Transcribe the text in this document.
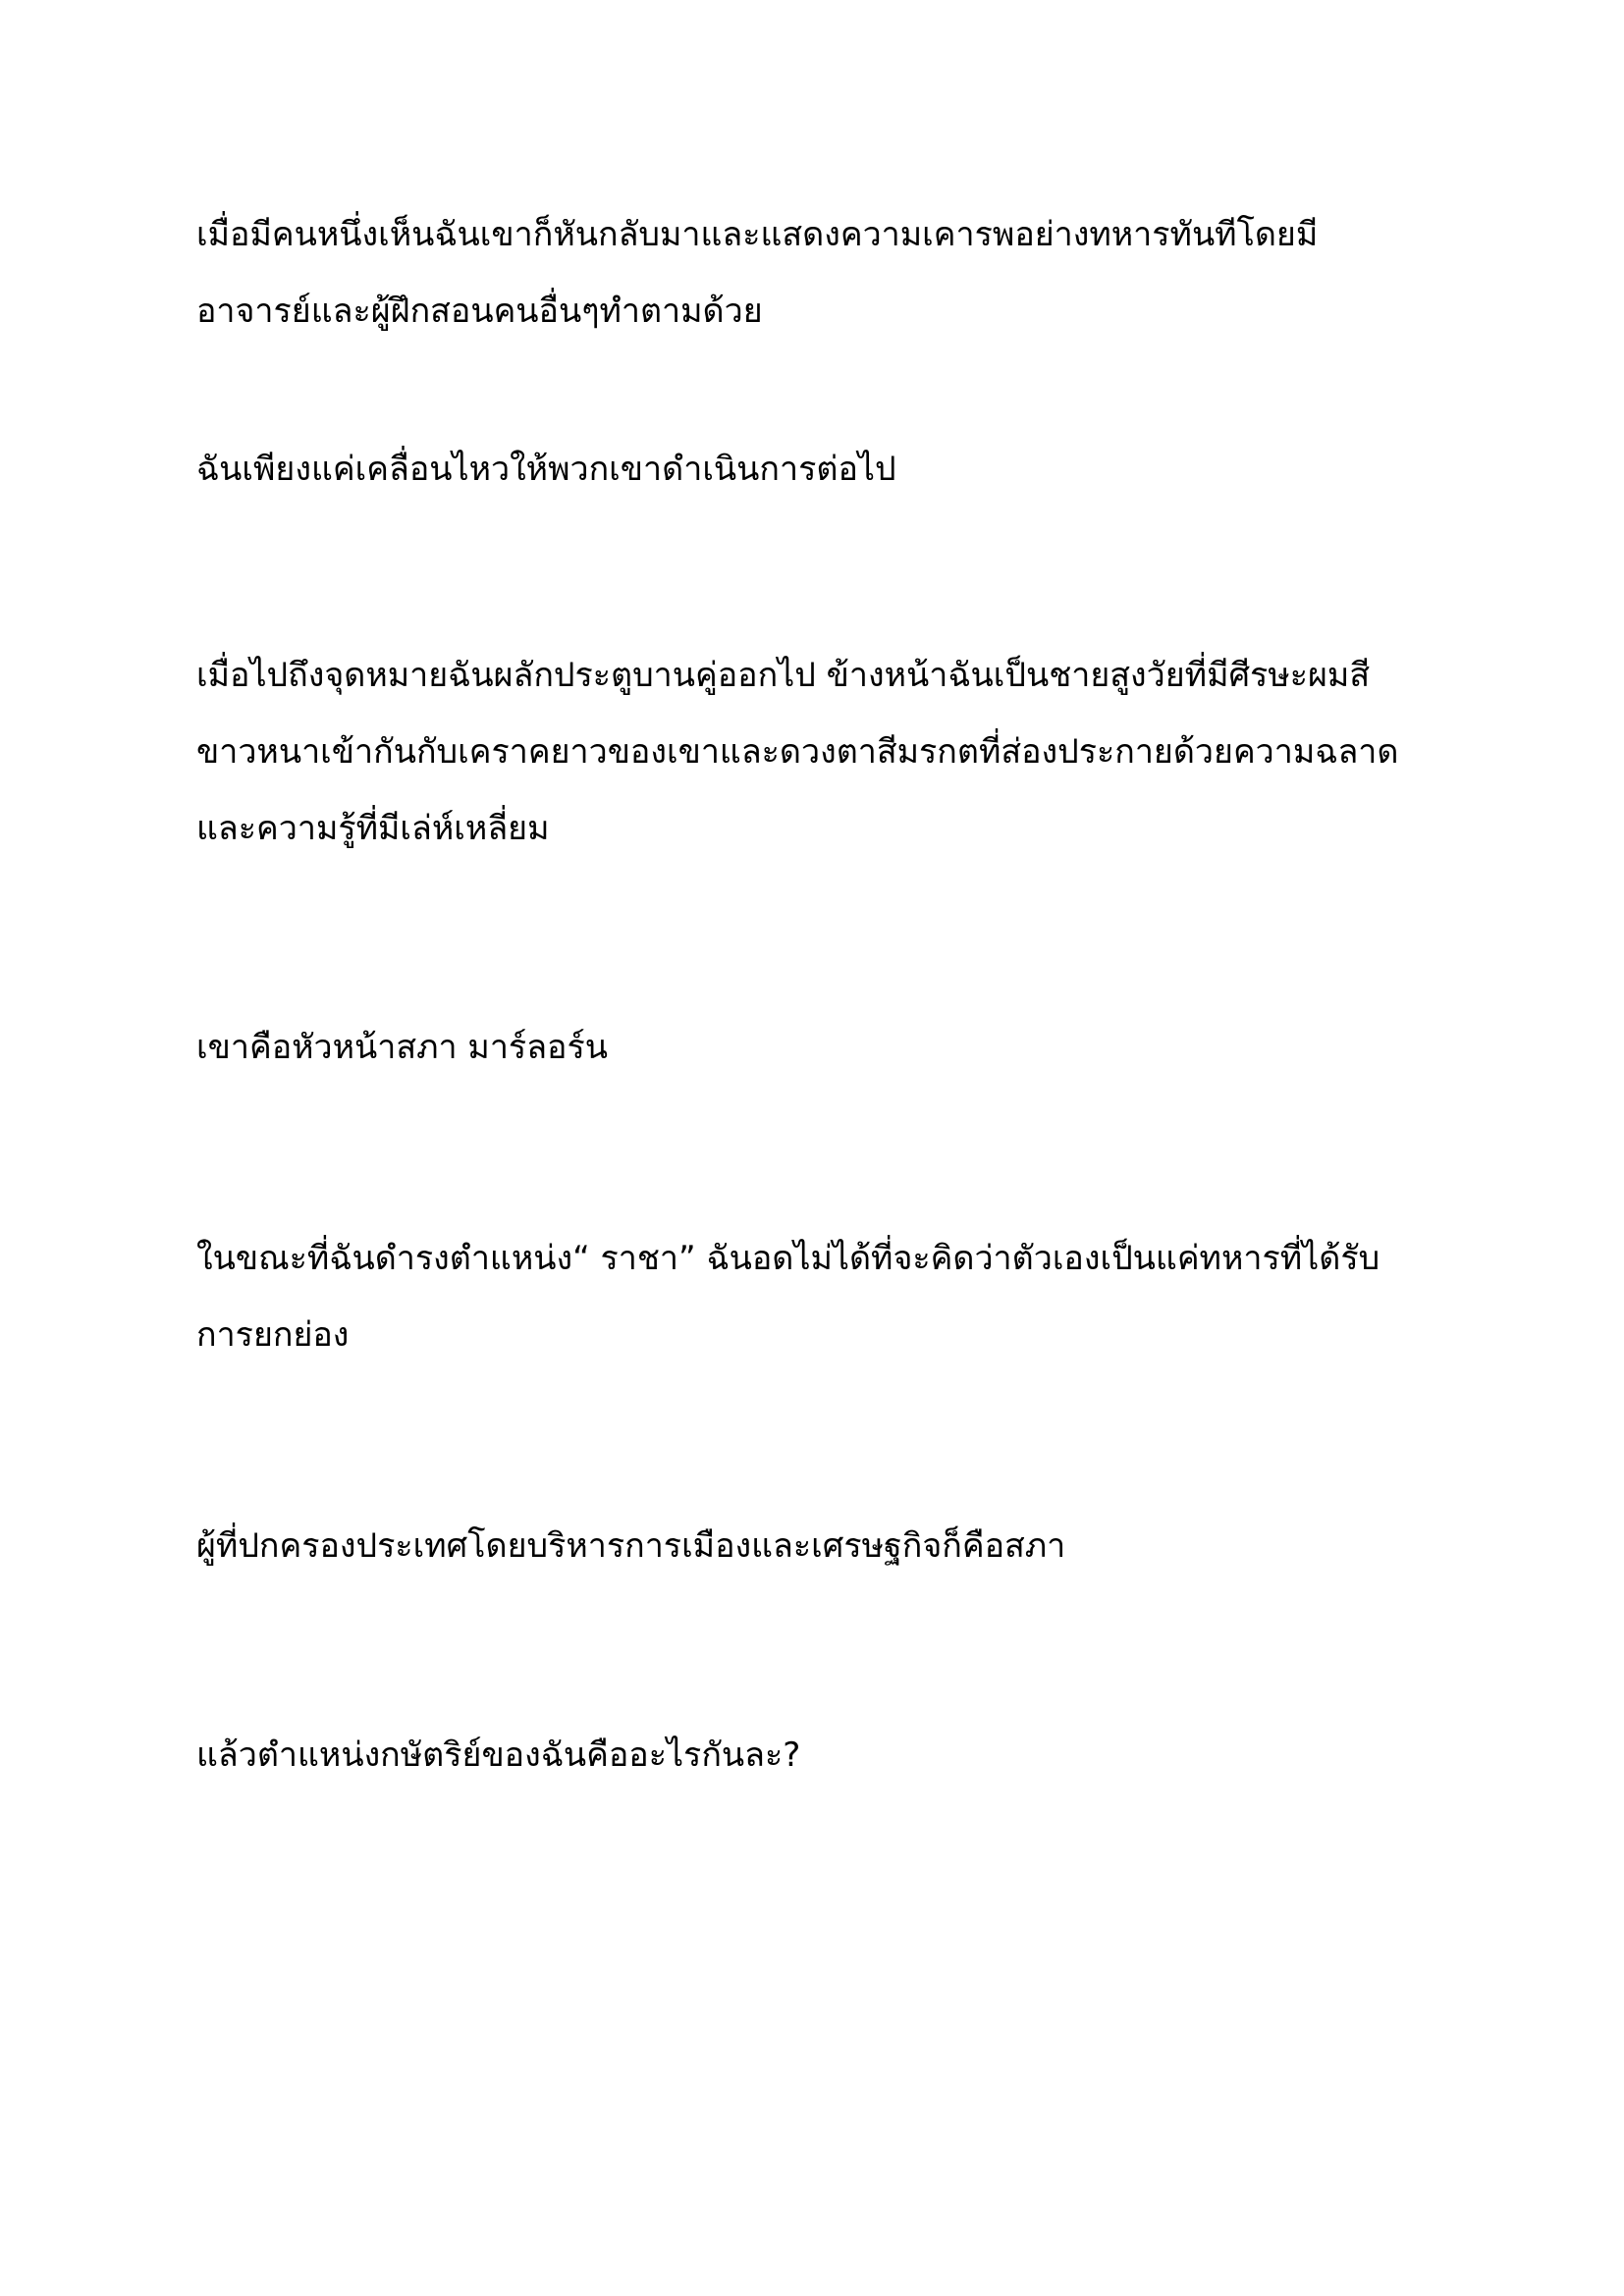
เมื่อมีคนหนึ่งเห็นฉันเขาก็หันกลับมาและแสดงความเคารพอย่างทหารทันทีโดยมี
อาจารย์และผู้ฝึกสอนคนอื่นๆทำตามด้วย

ฉันเพียงแค่เคลื่อนไหวให้พวกเขาดำเนินการต่อไป

เมื่อไปถึงจุดหมายฉันผลักประตูบานคู่ออกไป ข้างหน้าฉันเป็นชายสูงวัยที่มีศีรษะผมสี
ขาวหนาเข้ากันกับเคราคยาวของเขาและดวงตาสีมรกตที่ส่องประกายด้วยความฉลาด
และความรู้ที่มีเล่ห์เหลี่ยม

เขาคือหัวหน้าสภา มาร์ลอร์น

ในขณะที่ฉันดำรงตำแหน่ง“ ราชา” ฉันอดไม่ได้ที่จะคิดว่าตัวเองเป็นแค่ทหารที่ได้รับ
การยกย่อง

ผู้ที่ปกครองประเทศโดยบริหารการเมืองและเศรษฐกิจก็คือสภา

แล้วตำแหน่งกษัตริย์ของฉันคืออะไรกันละ?
